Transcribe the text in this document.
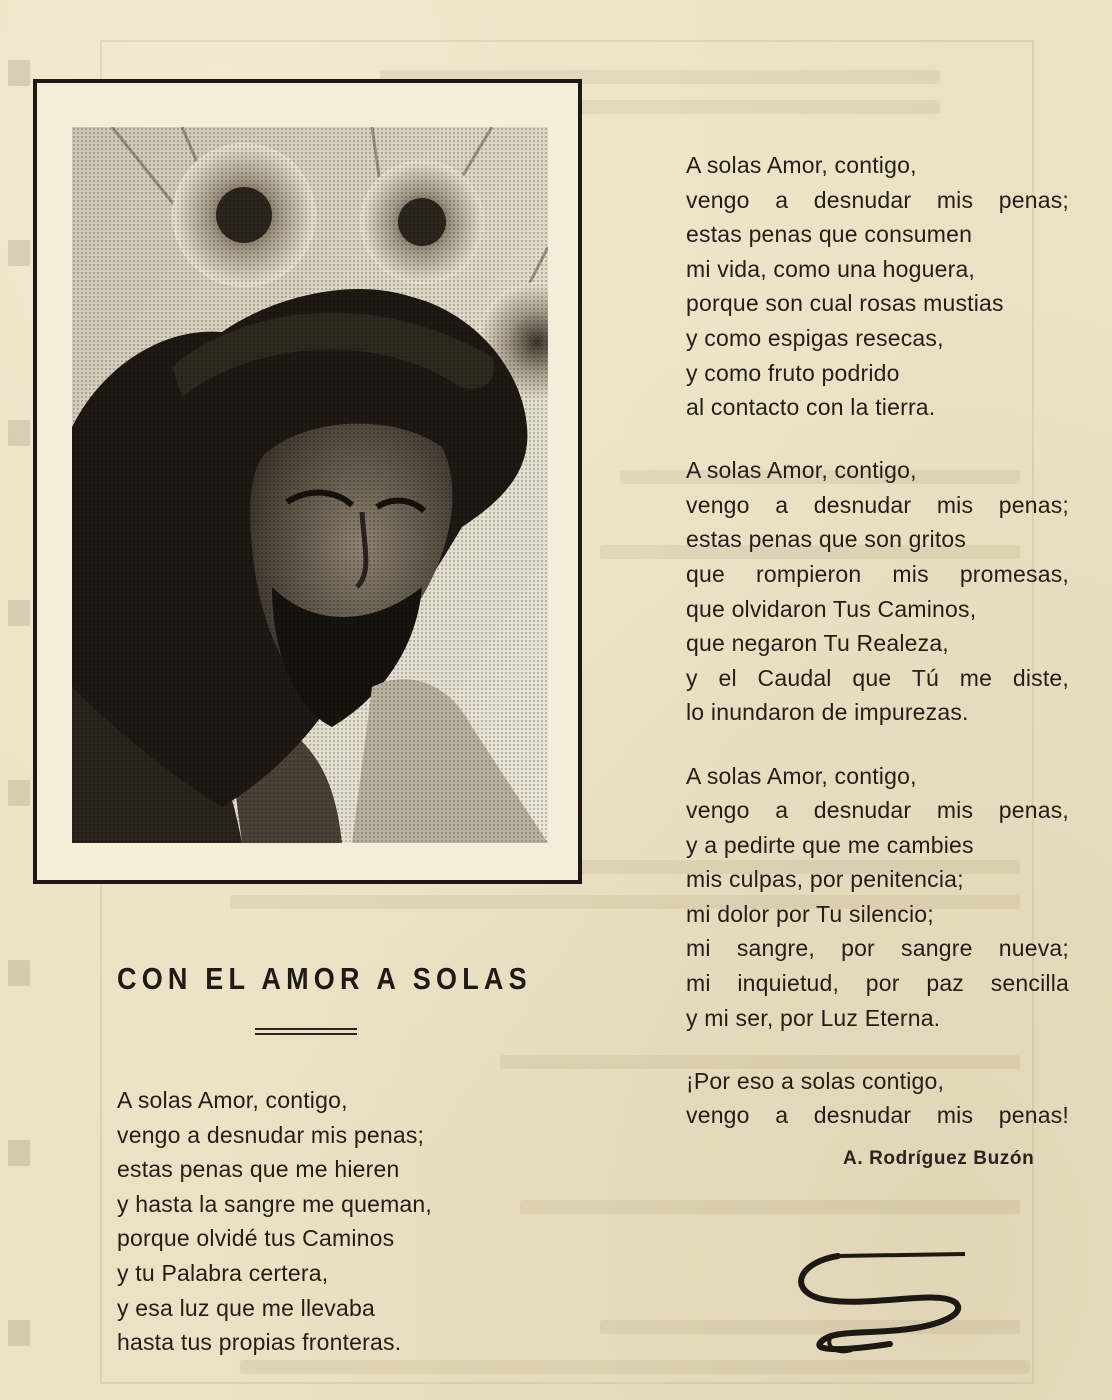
A solas Amor, contigo,
vengo a desnudar mis penas;
estas penas que consumen
mi vida, como una hoguera,
porque son cual rosas mustias
y como espigas resecas,
y como fruto podrido
al contacto con la tierra.
A solas Amor, contigo,
vengo a desnudar mis penas;
estas penas que son gritos
que rompieron mis promesas,
que olvidaron Tus Caminos,
que negaron Tu Realeza,
y el Caudal que Tú me diste,
lo inundaron de impurezas.
A solas Amor, contigo,
vengo a desnudar mis penas,
y a pedirte que me cambies
mis culpas, por penitencia;
mi dolor por Tu silencio;
mi sangre, por sangre nueva;
mi inquietud, por paz sencilla
y mi ser, por Luz Eterna.
¡Por eso a solas contigo,
vengo a desnudar mis penas!
A. Rodríguez Buzón
CON EL AMOR A SOLAS
A solas Amor, contigo,
vengo a desnudar mis penas;
estas penas que me hieren
y hasta la sangre me queman,
porque olvidé tus Caminos
y tu Palabra certera,
y esa luz que me llevaba
hasta tus propias fronteras.
